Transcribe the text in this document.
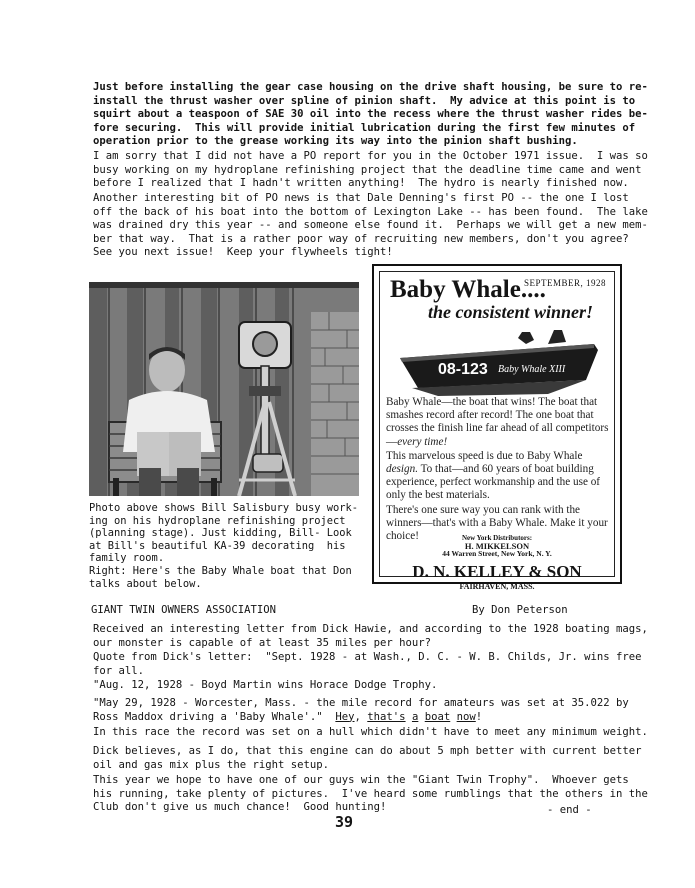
Just before installing the gear case housing on the drive shaft housing, be sure to re-
install the thrust washer over spline of pinion shaft.  My advice at this point is to
squirt about a teaspoon of SAE 30 oil into the recess where the thrust washer rides be-
fore securing.  This will provide initial lubrication during the first few minutes of
operation prior to the grease working its way into the pinion shaft bushing.
I am sorry that I did not have a PO report for you in the October 1971 issue.  I was so
busy working on my hydroplane refinishing project that the deadline time came and went
before I realized that I hadn't written anything!  The hydro is nearly finished now.
Another interesting bit of PO news is that Dale Denning's first PO -- the one I lost
off the back of his boat into the bottom of Lexington Lake -- has been found.  The lake
was drained dry this year -- and someone else found it.  Perhaps we will get a new mem-
ber that way.  That is a rather poor way of recruiting new members, don't you agree?
See you next issue!  Keep your flywheels tight!
Photo above shows Bill Salisbury busy work-
ing on his hydroplane refinishing project
(planning stage). Just kidding, Bill- Look
at Bill's beautiful KA-39 decorating  his
family room.
Right: Here's the Baby Whale boat that Don
talks about below.
Baby Whale....
SEPTEMBER, 1928
the consistent winner!
08-123 Baby Whale XIII

Baby Whale—the boat that wins! The boat that smashes record after record! The one boat that crosses the finish line far ahead of all competitors—every time!

This marvelous speed is due to Baby Whale design. To that—and 60 years of boat building experience, perfect workmanship and the use of only the best materials.

There's one sure way you can rank with the winners—that's with a Baby Whale. Make it your choice!	New York Distributors:
H. MIKKELSON
44 Warren Street, New York, N. Y.
D. N. KELLEY & SON
FAIRHAVEN, MASS.
GIANT TWIN OWNERS ASSOCIATION	By Don Peterson
Received an interesting letter from Dick Hawie, and according to the 1928 boating mags,
our monster is capable of at least 35 miles per hour?
Quote from Dick's letter:  "Sept. 1928 - at Wash., D. C. - W. B. Childs, Jr. wins free
for all.
"Aug. 12, 1928 - Boyd Martin wins Horace Dodge Trophy.
"May 29, 1928 - Worcester, Mass. - the mile record for amateurs was set at 35.022 by
Ross Maddox driving a 'Baby Whale'."  Hey, that's a boat now!
In this race the record was set on a hull which didn't have to meet any minimum weight.
Dick believes, as I do, that this engine can do about 5 mph better with current better
oil and gas mix plus the right setup.
This year we hope to have one of our guys win the "Giant Twin Trophy".  Whoever gets
his running, take plenty of pictures.  I've heard some rumblings that the others in the
Club don't give us much chance!  Good hunting!	- end -
39
